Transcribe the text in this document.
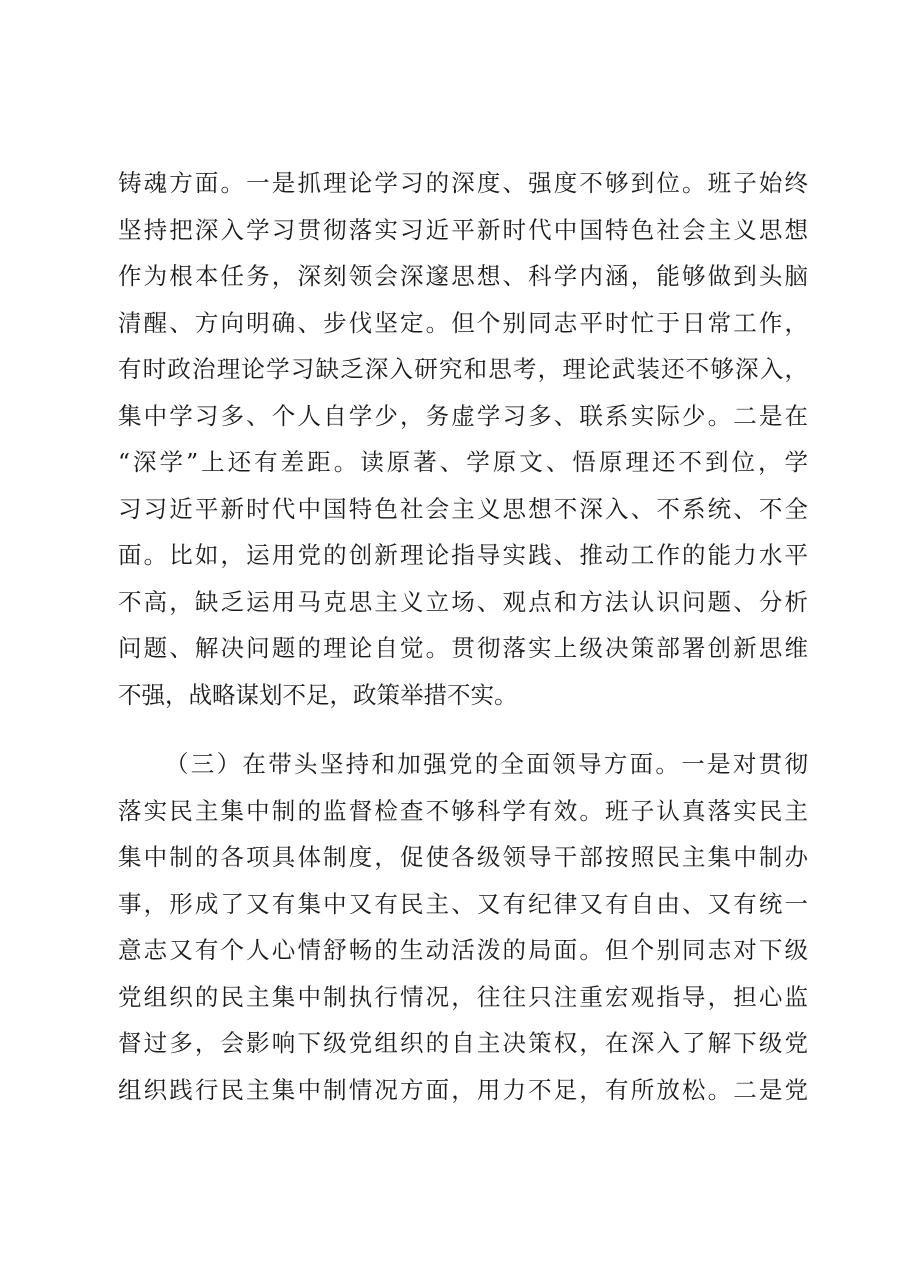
铸魂方面。一是抓理论学习的深度、强度不够到位。班子始终
坚持把深入学习贯彻落实习近平新时代中国特色社会主义思想
作为根本任务，深刻领会深邃思想、科学内涵，能够做到头脑
清醒、方向明确、步伐坚定。但个别同志平时忙于日常工作，
有时政治理论学习缺乏深入研究和思考，理论武装还不够深入，
集中学习多、个人自学少，务虚学习多、联系实际少。二是在
“深学”上还有差距。读原著、学原文、悟原理还不到位，学
习习近平新时代中国特色社会主义思想不深入、不系统、不全
面。比如，运用党的创新理论指导实践、推动工作的能力水平
不高，缺乏运用马克思主义立场、观点和方法认识问题、分析
问题、解决问题的理论自觉。贯彻落实上级决策部署创新思维
不强，战略谋划不足，政策举措不实。
（三）在带头坚持和加强党的全面领导方面。一是对贯彻
落实民主集中制的监督检查不够科学有效。班子认真落实民主
集中制的各项具体制度，促使各级领导干部按照民主集中制办
事，形成了又有集中又有民主、又有纪律又有自由、又有统一
意志又有个人心情舒畅的生动活泼的局面。但个别同志对下级
党组织的民主集中制执行情况，往往只注重宏观指导，担心监
督过多，会影响下级党组织的自主决策权，在深入了解下级党
组织践行民主集中制情况方面，用力不足，有所放松。二是党
